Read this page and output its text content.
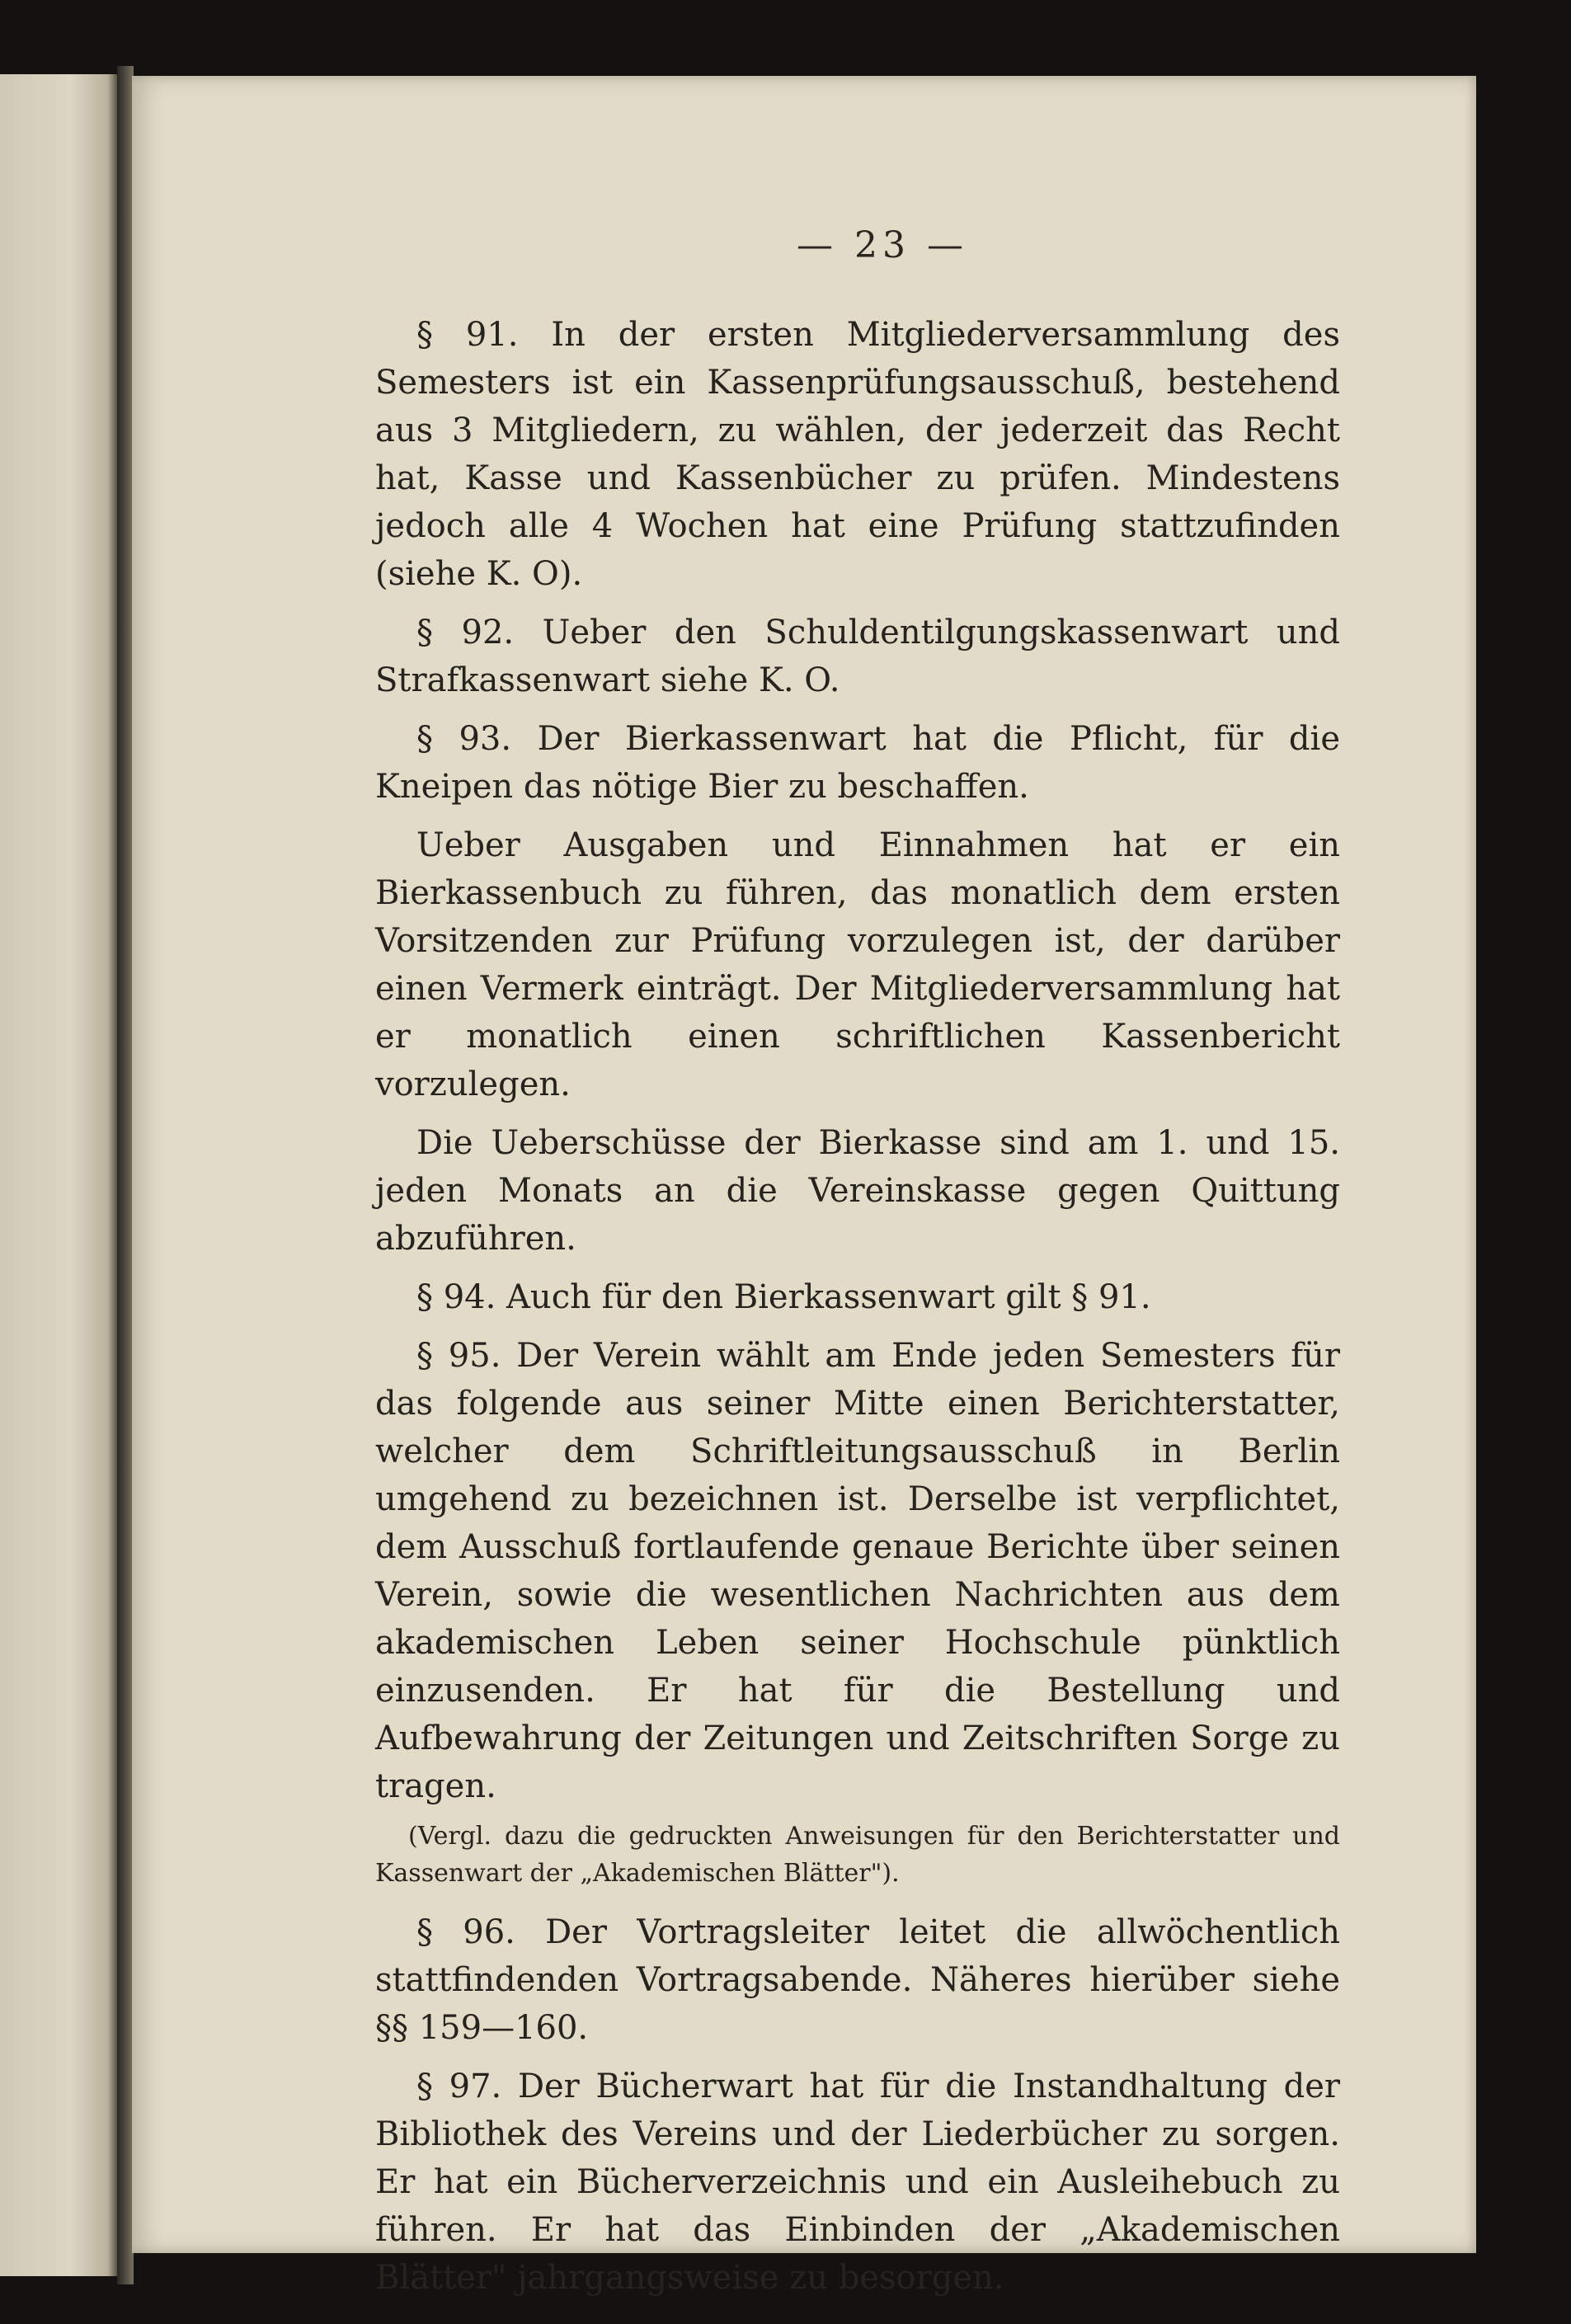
— 23 —

§ 91. In der ersten Mitgliederversammlung des Semesters ist ein Kassenprüfungsausschuß, bestehend aus 3 Mitgliedern, zu wählen, der jederzeit das Recht hat, Kasse und Kassenbücher zu prüfen. Mindestens jedoch alle 4 Wochen hat eine Prüfung stattzufinden (siehe K. O).

§ 92. Ueber den Schuldentilgungskassenwart und Strafkassenwart siehe K. O.

§ 93. Der Bierkassenwart hat die Pflicht, für die Kneipen das nötige Bier zu beschaffen.

Ueber Ausgaben und Einnahmen hat er ein Bierkassenbuch zu führen, das monatlich dem ersten Vorsitzenden zur Prüfung vorzulegen ist, der darüber einen Vermerk einträgt. Der Mitgliederversammlung hat er monatlich einen schriftlichen Kassenbericht vorzulegen.

Die Ueberschüsse der Bierkasse sind am 1. und 15. jeden Monats an die Vereinskasse gegen Quittung abzuführen.

§ 94. Auch für den Bierkassenwart gilt § 91.

§ 95. Der Verein wählt am Ende jeden Semesters für das folgende aus seiner Mitte einen Berichterstatter, welcher dem Schriftleitungsausschuß in Berlin umgehend zu bezeichnen ist. Derselbe ist verpflichtet, dem Ausschuß fortlaufende genaue Berichte über seinen Verein, sowie die wesentlichen Nachrichten aus dem akademischen Leben seiner Hochschule pünktlich einzusenden. Er hat für die Bestellung und Aufbewahrung der Zeitungen und Zeitschriften Sorge zu tragen.

(Vergl. dazu die gedruckten Anweisungen für den Berichterstatter und Kassenwart der „Akademischen Blätter").

§ 96. Der Vortragsleiter leitet die allwöchentlich stattfindenden Vortragsabende. Näheres hierüber siehe §§ 159—160.

§ 97. Der Bücherwart hat für die Instandhaltung der Bibliothek des Vereins und der Liederbücher zu sorgen. Er hat ein Bücherverzeichnis und ein Ausleihebuch zu führen. Er hat das Einbinden der „Akademischen Blätter" jahrgangsweise zu besorgen.
